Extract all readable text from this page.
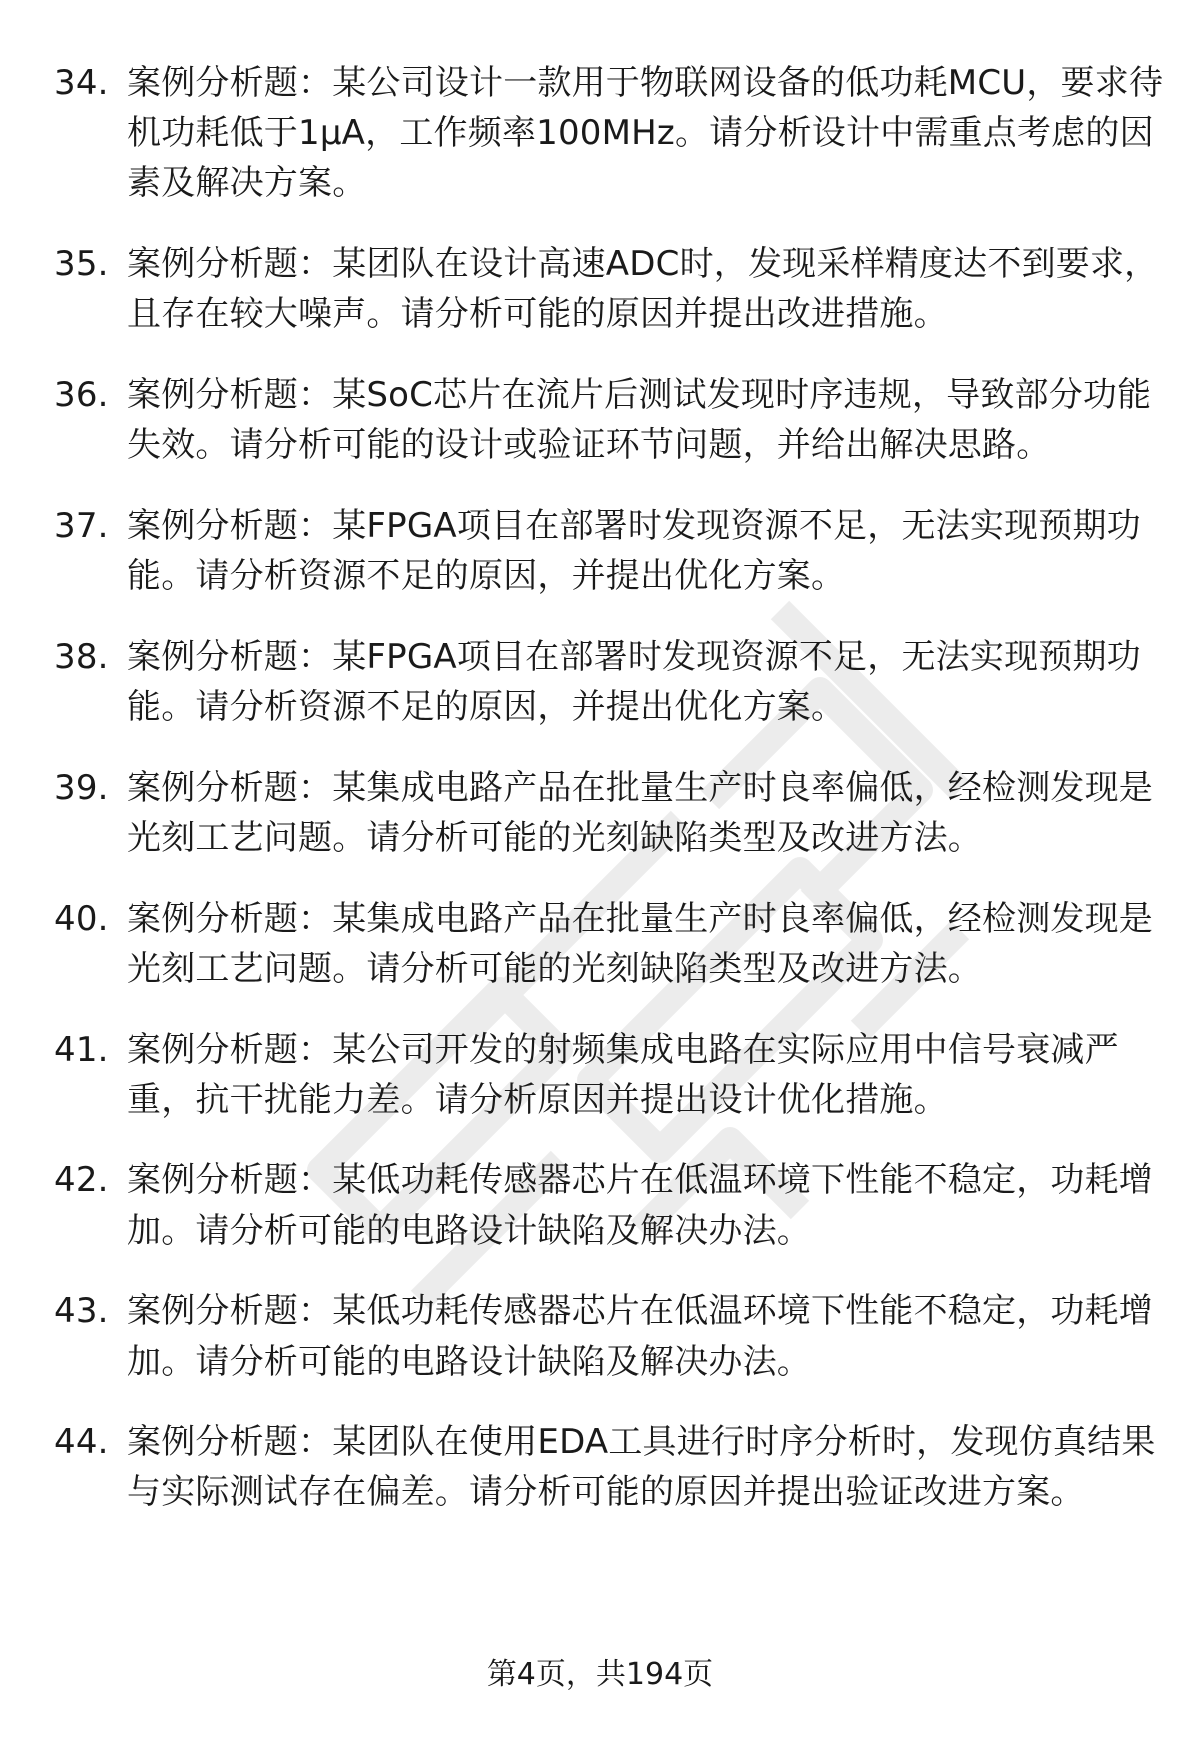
34. 案例分析题：某公司设计一款用于物联网设备的低功耗MCU，要求待机功耗低于1μA，工作频率100MHz。请分析设计中需重点考虑的因素及解决方案。
35. 案例分析题：某团队在设计高速ADC时，发现采样精度达不到要求，且存在较大噪声。请分析可能的原因并提出改进措施。
36. 案例分析题：某SoC芯片在流片后测试发现时序违规，导致部分功能失效。请分析可能的设计或验证环节问题，并给出解决思路。
37. 案例分析题：某FPGA项目在部署时发现资源不足，无法实现预期功能。请分析资源不足的原因，并提出优化方案。
38. 案例分析题：某FPGA项目在部署时发现资源不足，无法实现预期功能。请分析资源不足的原因，并提出优化方案。
39. 案例分析题：某集成电路产品在批量生产时良率偏低，经检测发现是光刻工艺问题。请分析可能的光刻缺陷类型及改进方法。
40. 案例分析题：某集成电路产品在批量生产时良率偏低，经检测发现是光刻工艺问题。请分析可能的光刻缺陷类型及改进方法。
41. 案例分析题：某公司开发的射频集成电路在实际应用中信号衰减严重，抗干扰能力差。请分析原因并提出设计优化措施。
42. 案例分析题：某低功耗传感器芯片在低温环境下性能不稳定，功耗增加。请分析可能的电路设计缺陷及解决办法。
43. 案例分析题：某低功耗传感器芯片在低温环境下性能不稳定，功耗增加。请分析可能的电路设计缺陷及解决办法。
44. 案例分析题：某团队在使用EDA工具进行时序分析时，发现仿真结果与实际测试存在偏差。请分析可能的原因并提出验证改进方案。
第4页，共194页
